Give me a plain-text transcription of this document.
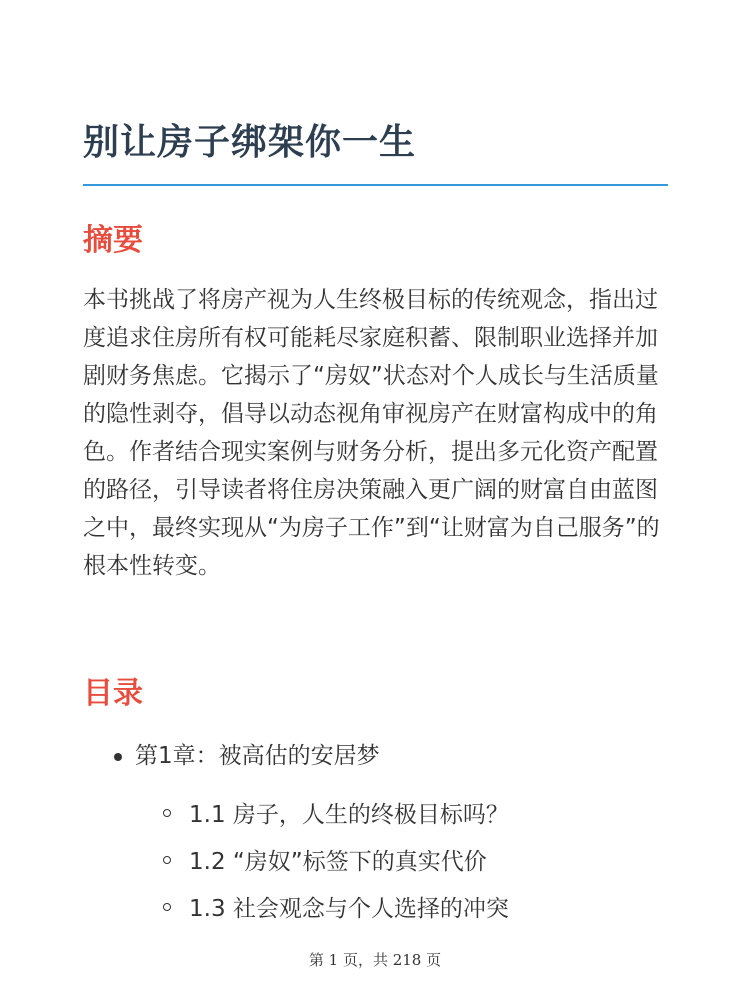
别让房子绑架你一生
摘要

本书挑战了将房产视为人生终极目标的传统观念，指出过度追求住房所有权可能耗尽家庭积蓄、限制职业选择并加剧财务焦虑。它揭示了“房奴”状态对个人成长与生活质量的隐性剥夺，倡导以动态视角审视房产在财富构成中的角色。作者结合现实案例与财务分析，提出多元化资产配置的路径，引导读者将住房决策融入更广阔的财富自由蓝图之中，最终实现从“为房子工作”到“让财富为自己服务”的根本性转变。

目录
第1章：被高估的安居梦
1.1 房子，人生的终极目标吗？
1.2 “房奴”标签下的真实代价
1.3 社会观念与个人选择的冲突
第 1 页，共 218 页
